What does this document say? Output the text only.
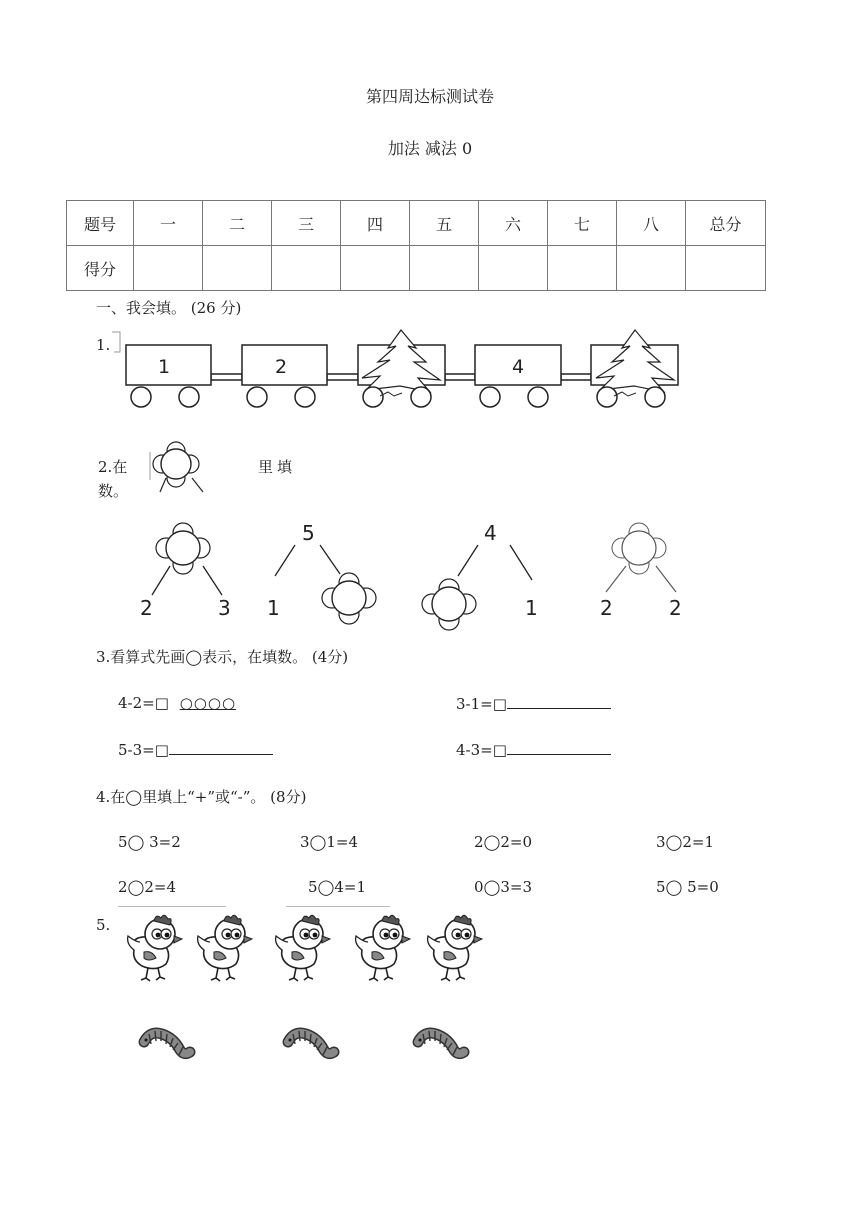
第四周达标测试卷
加法 减法 0
题号	一	二	三	四	五	六	七	八	总分
得分									
一、我会填。 (26 分)
1.
1	2	4
2.在	里填
数。
2	3
5
1
4
1	2	2
3.看算式先画◯表示，在填数。 (4分)
4-2=□ ○○○○	3-1=□
5-3=□	4-3=□
4.在◯里填上“+”或“-”。 (8分)
5◯ 3=2	3◯1=4	2◯2=0	3◯2=1
2◯2=4	5◯4=1	0◯3=3	5◯ 5=0
5.
